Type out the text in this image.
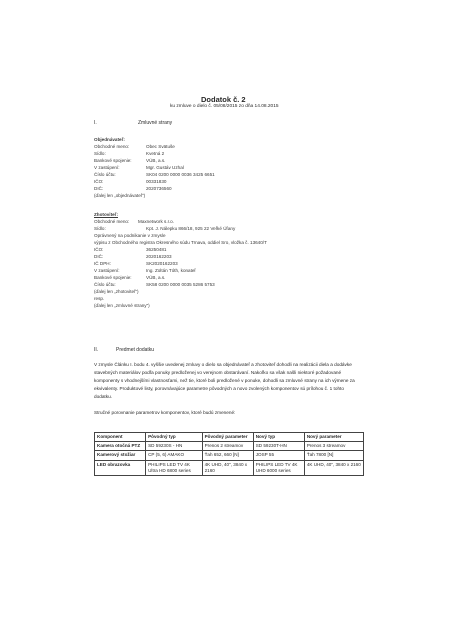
Dodatok č. 2
ku zmluve o dielo č. 05/08/2015 zo dňa 14.08.2015
I.	Zmluvné strany
Objednávateľ:
Obchodné meno:	Obec Svätuše
Sídlo:	Kvetná 2
Bankové spojenie:	VÚB, a.s.
V zastúpení:	Mgr. Gustáv Uzhal
Číslo účtu:	SK04 0200 0000 0036 3425 6651
IČO:	00331830
DIČ:	2020736560
(ďalej len „objednávateľ“)
Zhotoviteľ:
Obchodné meno: Maxnetwork s.r.o.
Sídlo:	Kpt. J. Nálepku 866/18, 925 22 Veľké Úľany
Oprávnený na podnikanie v zmysle
výpisu z Obchodného registra Okresného súdu Trnava, oddiel Sro, vložka č. 13640/T
IČO:	36250481
DIČ:	2020162203
IČ DPH:	SK2020162203
V zastúpení:	Ing. Zoltán Tóth, konateľ
Bankové spojenie:	VÚB, a.s.
Číslo účtu:	SK58 0200 0000 0035 5286 5753
(ďalej len „zhotoviteľ“)
resp.
(ďalej len „zmluvné strany“)
II.	Predmet dodatku
V zmysle Článku I. bodu 4. vyššie uvedenej zmluvy o dielo sa objednávateľ a zhotoviteľ dohodli na realizácii diela a dodávke stavebných materiálov podľa ponuky predloženej vo verejnom obstarávaní. Nakoľko sa však našli niektoré požadované komponenty s vhodnejšími vlastnosťami, než tie, ktoré boli predložené v ponuke, dohodli sa zmluvné strany na ich výmene za ekvivalenty. Produktové listy, porovnávajúce parametre pôvodných a novo zvolených komponentov sú prílohou č. 1 tohto dodatku.
Stručné porovnanie parametrov komponentov, ktoré budú zmenené:
Komponent	Pôvodný typ	Pôvodný parameter	Nový typ	Nový parameter
Kamera otočná PTZ	SD 59230S - HN	Prenos 2 streamov	SD 59230T-HN	Prenos 3 streamov
Kamerový stožiar	CP (5, 6) AMAKO	Ťah 652, 660 [N]	JOSP 55	Ťah 7800 [N]
LED obrazovka	PHILIPS LED TV 4K Ultra HD 6800 series	4K UHD, 40", 3840 x 2160	PHILIPS LED TV 4K UHD 6000 series	4K UHD, 40", 3840 x 2160
